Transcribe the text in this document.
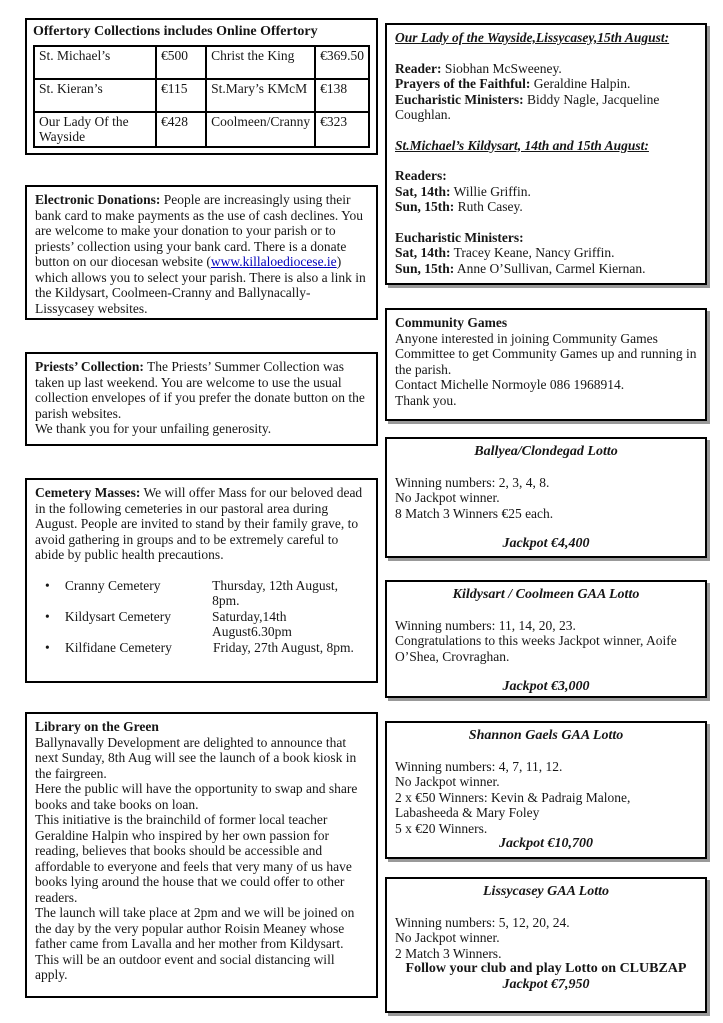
Offertory Collections includes Online Offertory
St. Michael’s	€500	Christ the King	€369.50
St. Kieran’s	€115	St.Mary’s KMcM	€138
Our Lady Of the Wayside	€428	Coolmeen/Cranny	€323
Electronic Donations: People are increasingly using their bank card to make payments as the use of cash declines. You are welcome to make your donation to your parish or to priests’ collection using your bank card. There is a donate button on our diocesan website (www.killaloediocese.ie) which allows you to select your parish. There is also a link in the Kildysart, Coolmeen-Cranny and Ballynacally-Lissycasey websites.
Priests’ Collection: The Priests’ Summer Collection was taken up last weekend. You are welcome to use the usual collection envelopes of if you prefer the donate button on the parish websites.
We thank you for your unfailing generosity.
Cemetery Masses: We will offer Mass for our beloved dead in the following cemeteries in our pastoral area during August. People are invited to stand by their family grave, to avoid gathering in groups and to be extremely careful to abide by public health precautions.
•	Cranny Cemetery	Thursday, 12th August, 8pm.
•	Kildysart Cemetery	Saturday,14th August6.30pm
•	Kilfidane Cemetery	Friday, 27th August, 8pm.
Library on the Green
Ballynavally Development are delighted to announce that next Sunday, 8th Aug will see the launch of a book kiosk in the fairgreen.
Here the public will have the opportunity to swap and share books and take books on loan.
This initiative is the brainchild of former local teacher Geraldine Halpin who inspired by her own passion for reading, believes that books should be accessible and affordable to everyone and feels that very many of us have books lying around the house that we could offer to other readers.
The launch will take place at 2pm and we will be joined on the day by the very popular author Roisin Meaney whose father came from Lavalla and her mother from Kildysart.
This will be an outdoor event and social distancing will apply.
Our Lady of the Wayside,Lissycasey,15th August:
Reader: Siobhan McSweeney.
Prayers of the Faithful: Geraldine Halpin.
Eucharistic Ministers: Biddy Nagle, Jacqueline Coughlan.
St.Michael’s Kildysart, 14th and 15th August:
Readers:
Sat, 14th: Willie Griffin.
Sun, 15th: Ruth Casey.
Eucharistic Ministers:
Sat, 14th: Tracey Keane, Nancy Griffin.
Sun, 15th: Anne O’Sullivan, Carmel Kiernan.
Community Games
Anyone interested in joining Community Games Committee to get Community Games up and running in the parish.
Contact Michelle Normoyle 086 1968914.
Thank you.
Ballyea/Clondegad Lotto
Winning numbers: 2, 3, 4, 8.
No Jackpot winner.
8 Match 3 Winners €25 each.
Jackpot €4,400
Kildysart / Coolmeen GAA Lotto
Winning numbers: 11, 14, 20, 23.
Congratulations to this weeks Jackpot winner, Aoife O’Shea, Crovraghan.
Jackpot €3,000
Shannon Gaels GAA Lotto
Winning numbers: 4, 7, 11, 12.
No Jackpot winner.
2 x €50 Winners: Kevin & Padraig Malone, Labasheeda & Mary Foley
5 x €20 Winners.
Jackpot €10,700
Lissycasey GAA Lotto
Winning numbers: 5, 12, 20, 24.
No Jackpot winner.
2 Match 3 Winners.
Follow your club and play Lotto on CLUBZAP
Jackpot €7,950
